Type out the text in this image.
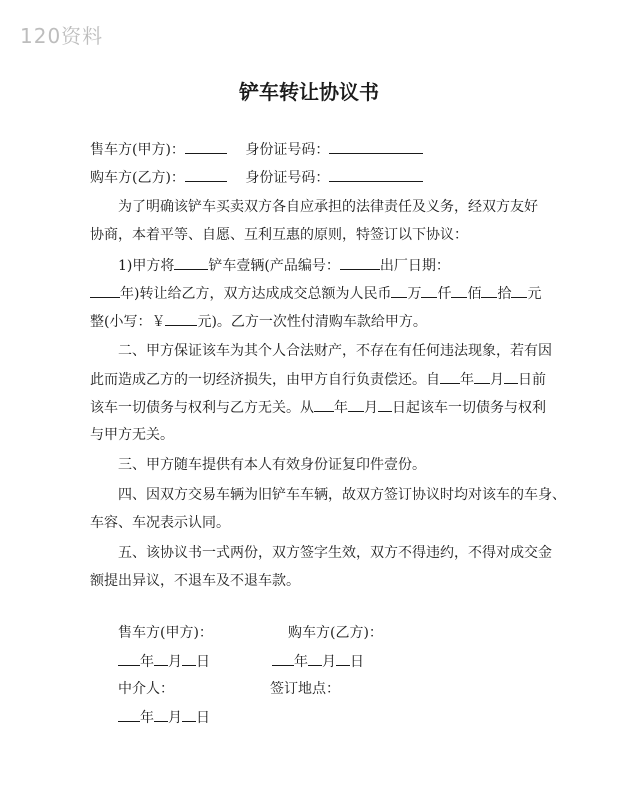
120资料
铲车转让协议书
售车方(甲方)：	身份证号码：
购车方(乙方)：	身份证号码：
为了明确该铲车买卖双方各自应承担的法律责任及义务，经双方友好
协商，本着平等、自愿、互利互惠的原则，特签订以下协议：
1)甲方将 铲车壹辆(产品编号：	出厂日期：
年)转让给乙方，双方达成成交总额为人民币 万 仟 佰 拾 元
整(小写：￥ 元)。乙方一次性付清购车款给甲方。
二、甲方保证该车为其个人合法财产，不存在有任何违法现象，若有因
此而造成乙方的一切经济损失，由甲方自行负责偿还。自 年 月 日前
该车一切债务与权利与乙方无关。从 年 月 日起该车一切债务与权利
与甲方无关。
三、甲方随车提供有本人有效身份证复印件壹份。
四、因双方交易车辆为旧铲车车辆，故双方签订协议时均对该车的车身、
车容、车况表示认同。
五、该协议书一式两份，双方签字生效，双方不得违约，不得对成交金
额提出异议，不退车及不退车款。
售车方(甲方)：	购车方(乙方)：
年 月 日	年 月 日
中介人：	签订地点：
年 月 日
